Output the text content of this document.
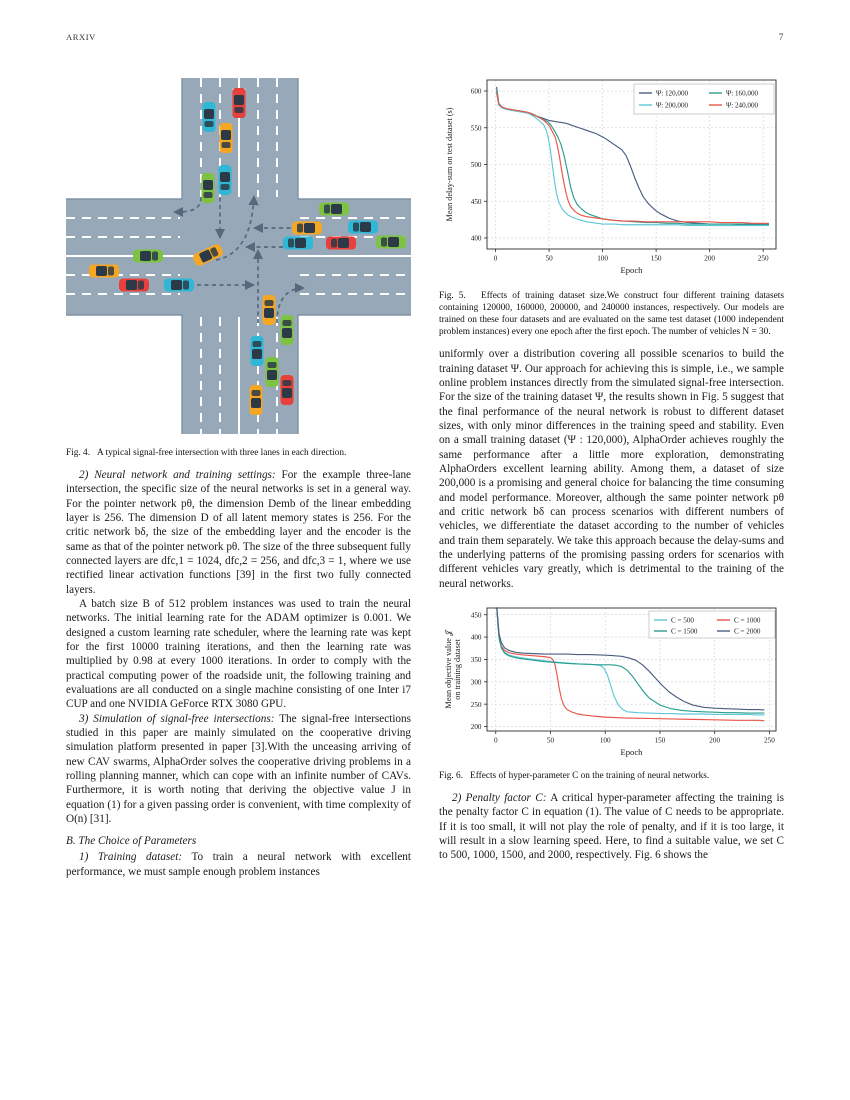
ARXIV	7
Fig. 4. A typical signal-free intersection with three lanes in each direction.

2) Neural network and training settings: For the example three-lane intersection, the specific size of the neural networks is set in a general way. For the pointer network pθ, the dimension Demb of the linear embedding layer is 256. The dimension D of all latent memory states is 256. For the critic network bδ, the size of the embedding layer and the encoder is the same as that of the pointer network pθ. The size of the three subsequent fully connected layers are dfc,1 = 1024, dfc,2 = 256, and dfc,3 = 1, where we use rectified linear activation functions [39] in the first two fully connected layers.

A batch size B of 512 problem instances was used to train the neural networks. The initial learning rate for the ADAM optimizer is 0.001. We designed a custom learning rate scheduler, where the learning rate was kept for the first 10000 training iterations, and then the learning rate was multiplied by 0.98 at every 1000 iterations. In order to comply with the practical computing power of the roadside unit, the following training and evaluations are all conducted on a single machine consisting of one Inter i7 CUP and one NVIDIA GeForce RTX 3080 GPU.

3) Simulation of signal-free intersections: The signal-free intersections studied in this paper are mainly simulated on the cooperative driving simulation platform presented in paper [3].With the unceasing arriving of new CAV swarms, AlphaOrder solves the cooperative driving problems in a rolling planning manner, which can cope with an infinite number of CAVs. Furthermore, it is worth noting that deriving the objective value J in equation (1) for a given passing order is convenient, with time complexity of O(n) [31].

B. The Choice of Parameters

1) Training dataset: To train a neural network with excellent performance, we must sample enough problem instances

0	50	100	150	200	250
400
450
500
550
600
Epoch
Mean delay-sum on test dataset (s)
Ψ: 120,000	Ψ: 160,000
Ψ: 200,000	Ψ: 240,000
Fig. 5. Effects of training dataset size.We construct four different training datasets containing 120000, 160000, 200000, and 240000 instances, respectively. Our models are trained on these four datasets and are evaluated on the same test dataset (1000 independent problem instances) every one epoch after the first epoch. The number of vehicles N = 30.

uniformly over a distribution covering all possible scenarios to build the training dataset Ψ. Our approach for achieving this is simple, i.e., we sample online problem instances directly from the simulated signal-free intersection. For the size of the training dataset Ψ, the results shown in Fig. 5 suggest that the final performance of the neural network is robust to different dataset sizes, with only minor differences in the training speed and stability. Even on a small training dataset (Ψ : 120,000), AlphaOrder achieves roughly the same performance after a little more exploration, demonstrating AlphaOrders excellent learning ability. Among them, a dataset of size 200,000 is a promising and general choice for balancing the time consuming and model performance. Moreover, although the same pointer network pθ and critic network bδ can process scenarios with different numbers of vehicles, we differentiate the dataset according to the number of vehicles and train them separately. We take this approach because the delay-sums and the underlying patterns of the promising passing orders for scenarios with different vehicles vary greatly, which is detrimental to the training of the neural networks.

0	50	100	150	200	250
200
250
300
350
400
450
Epoch
Mean objective value 𝒥 on training dataset
C = 500	C = 1000
C = 1500	C = 2000
Fig. 6. Effects of hyper-parameter C on the training of neural networks.

2) Penalty factor C: A critical hyper-parameter affecting the training is the penalty factor C in equation (1). The value of C needs to be appropriate. If it is too small, it will not play the role of penalty, and if it is too large, it will result in a slow learning speed. Here, to find a suitable value, we set C to 500, 1000, 1500, and 2000, respectively. Fig. 6 shows the
